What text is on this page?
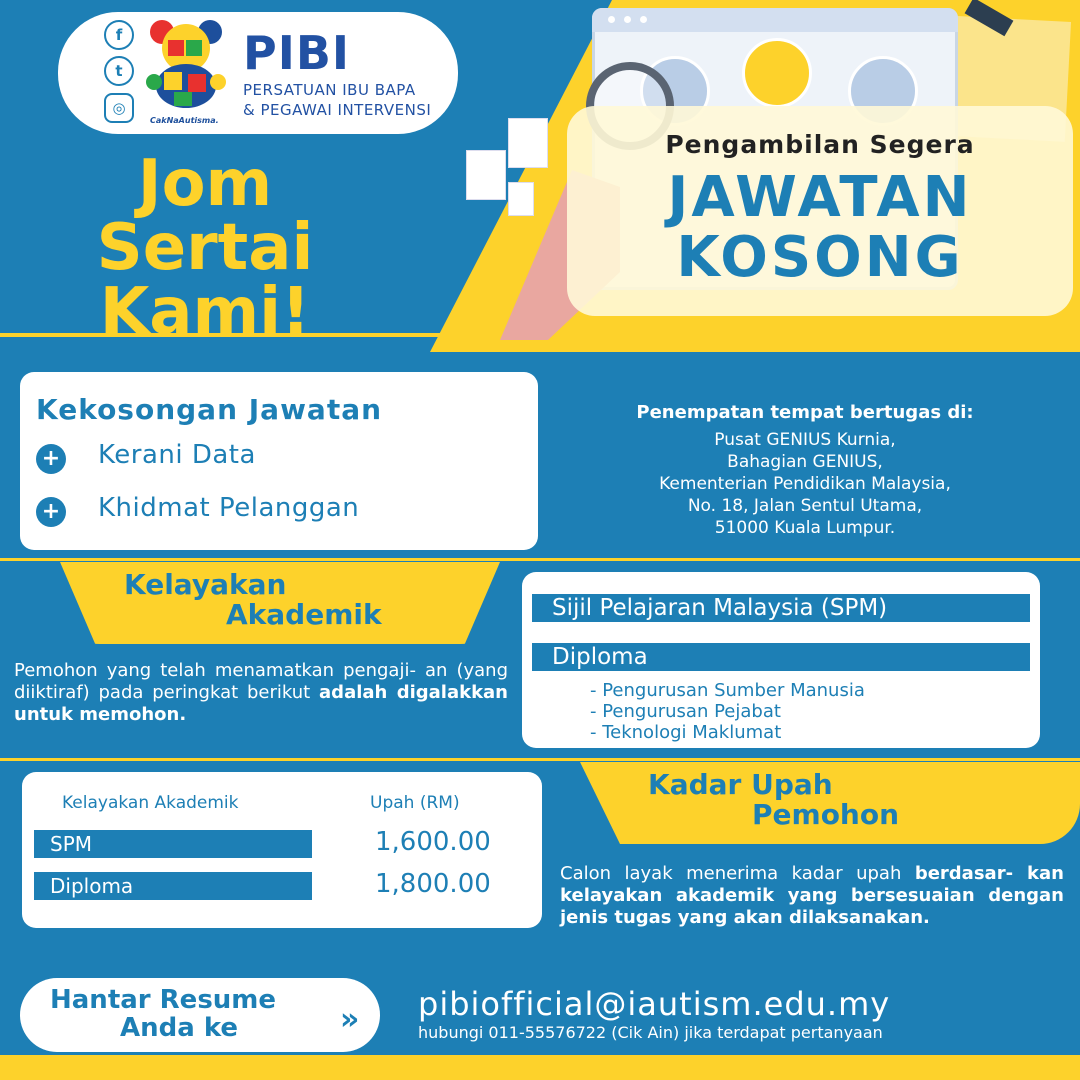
Pengambilan Segera
JAWATAN
KOSONG
f
t
◎
CakNaAutisma.
PIBI
PERSATUAN IBU BAPA
& PEGAWAI INTERVENSI
Jom
Sertai
Kami!
Kekosongan Jawatan
+ Kerani Data
+ Khidmat Pelanggan
Penempatan tempat bertugas di:
Pusat GENIUS Kurnia,
Bahagian GENIUS,
Kementerian Pendidikan Malaysia,
No. 18, Jalan Sentul Utama,
51000 Kuala Lumpur.
Kelayakan
Akademik
Pemohon yang telah menamatkan pengaji- an (yang diiktiraf) pada peringkat berikut adalah digalakkan untuk memohon.
Sijil Pelajaran Malaysia (SPM)
Diploma
- Pengurusan Sumber Manusia
- Pengurusan Pejabat
- Teknologi Maklumat
Kelayakan Akademik	Upah (RM)
SPM	1,600.00
Diploma	1,800.00
Kadar Upah
Pemohon
Calon layak menerima kadar upah berdasar- kan kelayakan akademik yang bersesuaian dengan jenis tugas yang akan dilaksanakan.
Hantar Resume
Anda ke	» pibiofficial@iautism.edu.my
hubungi 011-55576722 (Cik Ain) jika terdapat pertanyaan
